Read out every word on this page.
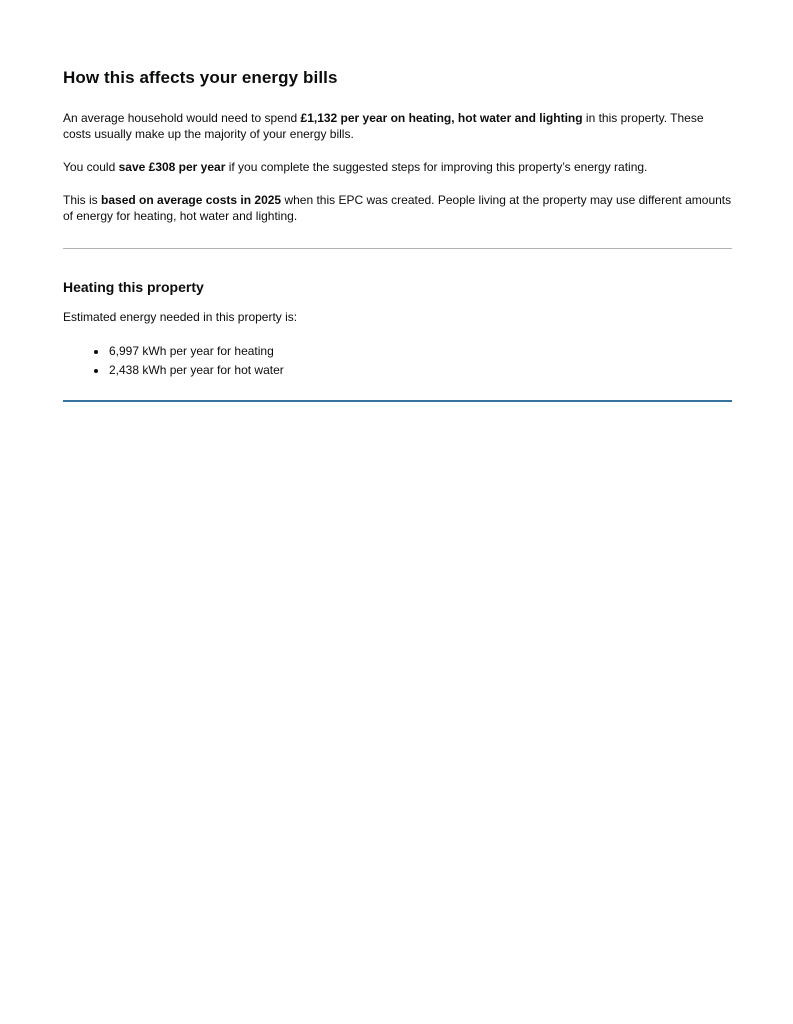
How this affects your energy bills

An average household would need to spend £1,132 per year on heating, hot water and lighting in this property. These costs usually make up the majority of your energy bills.

You could save £308 per year if you complete the suggested steps for improving this property’s energy rating.

This is based on average costs in 2025 when this EPC was created. People living at the property may use different amounts of energy for heating, hot water and lighting.

Heating this property

Estimated energy needed in this property is:

• 6,997 kWh per year for heating
• 2,438 kWh per year for hot water
